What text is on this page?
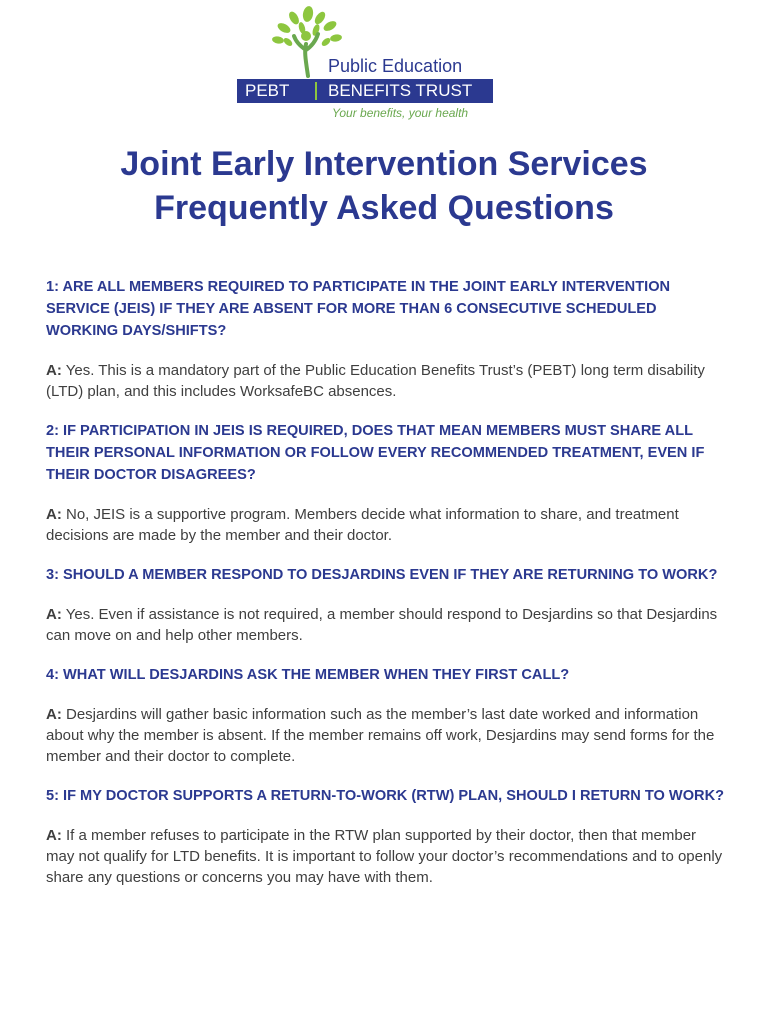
Public Education
PEBT BENEFITS TRUST
Your benefits, your health
Joint Early Intervention Services
Frequently Asked Questions
1: ARE ALL MEMBERS REQUIRED TO PARTICIPATE IN THE JOINT EARLY INTERVENTION SERVICE (JEIS) IF THEY ARE ABSENT FOR MORE THAN 6 CONSECUTIVE SCHEDULED WORKING DAYS/SHIFTS?
A: Yes. This is a mandatory part of the Public Education Benefits Trust’s (PEBT) long term disability (LTD) plan, and this includes WorksafeBC absences.
2: IF PARTICIPATION IN JEIS IS REQUIRED, DOES THAT MEAN MEMBERS MUST SHARE ALL THEIR PERSONAL INFORMATION OR FOLLOW EVERY RECOMMENDED TREATMENT, EVEN IF THEIR DOCTOR DISAGREES?
A: No, JEIS is a supportive program. Members decide what information to share, and treatment decisions are made by the member and their doctor.
3: SHOULD A MEMBER RESPOND TO DESJARDINS EVEN IF THEY ARE RETURNING TO WORK?
A: Yes. Even if assistance is not required, a member should respond to Desjardins so that Desjardins can move on and help other members.
4: WHAT WILL DESJARDINS ASK THE MEMBER WHEN THEY FIRST CALL?
A: Desjardins will gather basic information such as the member’s last date worked and information about why the member is absent. If the member remains off work, Desjardins may send forms for the member and their doctor to complete.
5: IF MY DOCTOR SUPPORTS A RETURN-TO-WORK (RTW) PLAN, SHOULD I RETURN TO WORK?
A: If a member refuses to participate in the RTW plan supported by their doctor, then that member may not qualify for LTD benefits. It is important to follow your doctor’s recommendations and to openly share any questions or concerns you may have with them.
